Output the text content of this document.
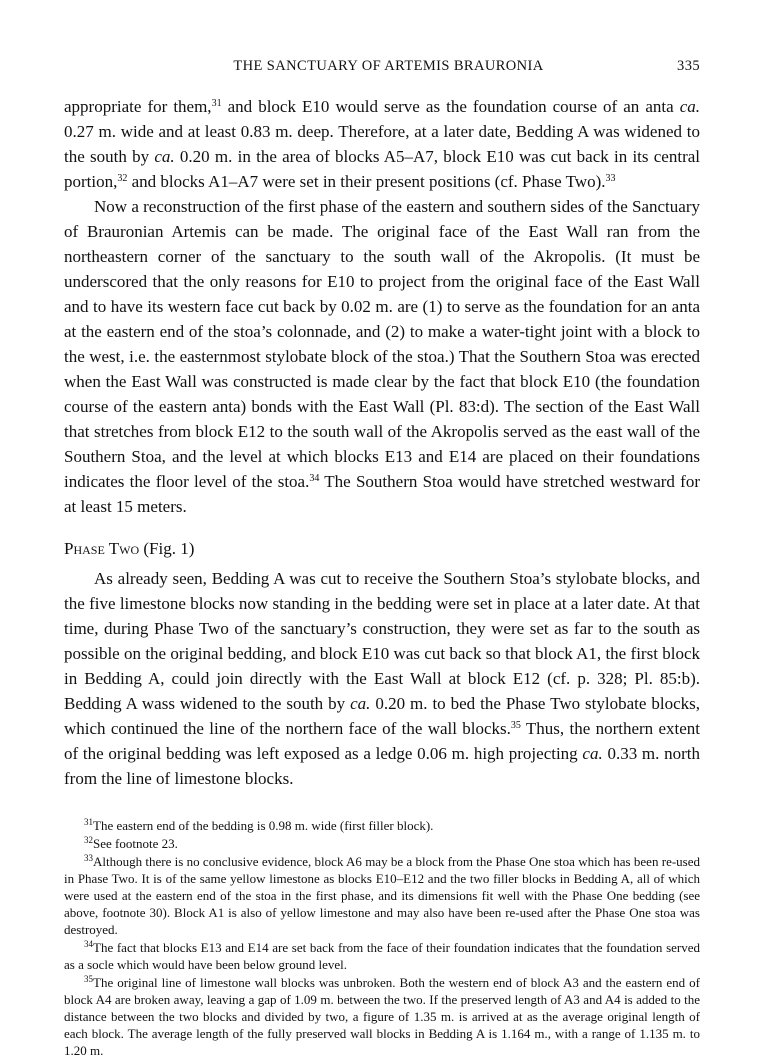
THE SANCTUARY OF ARTEMIS BRAURONIA	335

appropriate for them,$^{31}$ and block E10 would serve as the foundation course of an anta ca. 0.27 m. wide and at least 0.83 m. deep. Therefore, at a later date, Bedding A was widened to the south by ca. 0.20 m. in the area of blocks A5–A7, block E10 was cut back in its central portion,$^{32}$ and blocks A1–A7 were set in their present positions (cf. Phase Two).$^{33}$

Now a reconstruction of the first phase of the eastern and southern sides of the Sanctuary of Brauronian Artemis can be made. The original face of the East Wall ran from the northeastern corner of the sanctuary to the south wall of the Akropolis. (It must be underscored that the only reasons for E10 to project from the original face of the East Wall and to have its western face cut back by 0.02 m. are (1) to serve as the foundation for an anta at the eastern end of the stoa’s colonnade, and (2) to make a water-tight joint with a block to the west, i.e. the easternmost stylobate block of the stoa.) That the Southern Stoa was erected when the East Wall was constructed is made clear by the fact that block E10 (the foundation course of the eastern anta) bonds with the East Wall (Pl. 83:d). The section of the East Wall that stretches from block E12 to the south wall of the Akropolis served as the east wall of the Southern Stoa, and the level at which blocks E13 and E14 are placed on their foundations indicates the floor level of the stoa.$^{34}$ The Southern Stoa would have stretched westward for at least 15 meters.

Phase Two (Fig. 1)

As already seen, Bedding A was cut to receive the Southern Stoa’s stylobate blocks, and the five limestone blocks now standing in the bedding were set in place at a later date. At that time, during Phase Two of the sanctuary’s construction, they were set as far to the south as possible on the original bedding, and block E10 was cut back so that block A1, the first block in Bedding A, could join directly with the East Wall at block E12 (cf. p. 328; Pl. 85:b). Bedding A wass widened to the south by ca. 0.20 m. to bed the Phase Two stylobate blocks, which continued the line of the northern face of the wall blocks.$^{35}$ Thus, the northern extent of the original bedding was left exposed as a ledge 0.06 m. high projecting ca. 0.33 m. north from the line of limestone blocks.

$^{31}$The eastern end of the bedding is 0.98 m. wide (first filler block).

$^{32}$See footnote 23.

$^{33}$Although there is no conclusive evidence, block A6 may be a block from the Phase One stoa which has been re-used in Phase Two. It is of the same yellow limestone as blocks E10–E12 and the two filler blocks in Bedding A, all of which were used at the eastern end of the stoa in the first phase, and its dimensions fit well with the Phase One bedding (see above, footnote 30). Block A1 is also of yellow limestone and may also have been re-used after the Phase One stoa was destroyed.

$^{34}$The fact that blocks E13 and E14 are set back from the face of their foundation indicates that the foundation served as a socle which would have been below ground level.

$^{35}$The original line of limestone wall blocks was unbroken. Both the western end of block A3 and the eastern end of block A4 are broken away, leaving a gap of 1.09 m. between the two. If the preserved length of A3 and A4 is added to the distance between the two blocks and divided by two, a figure of 1.35 m. is arrived at as the average original length of each block. The average length of the fully preserved wall blocks in Bedding A is 1.164 m., with a range of 1.135 m. to 1.20 m.
